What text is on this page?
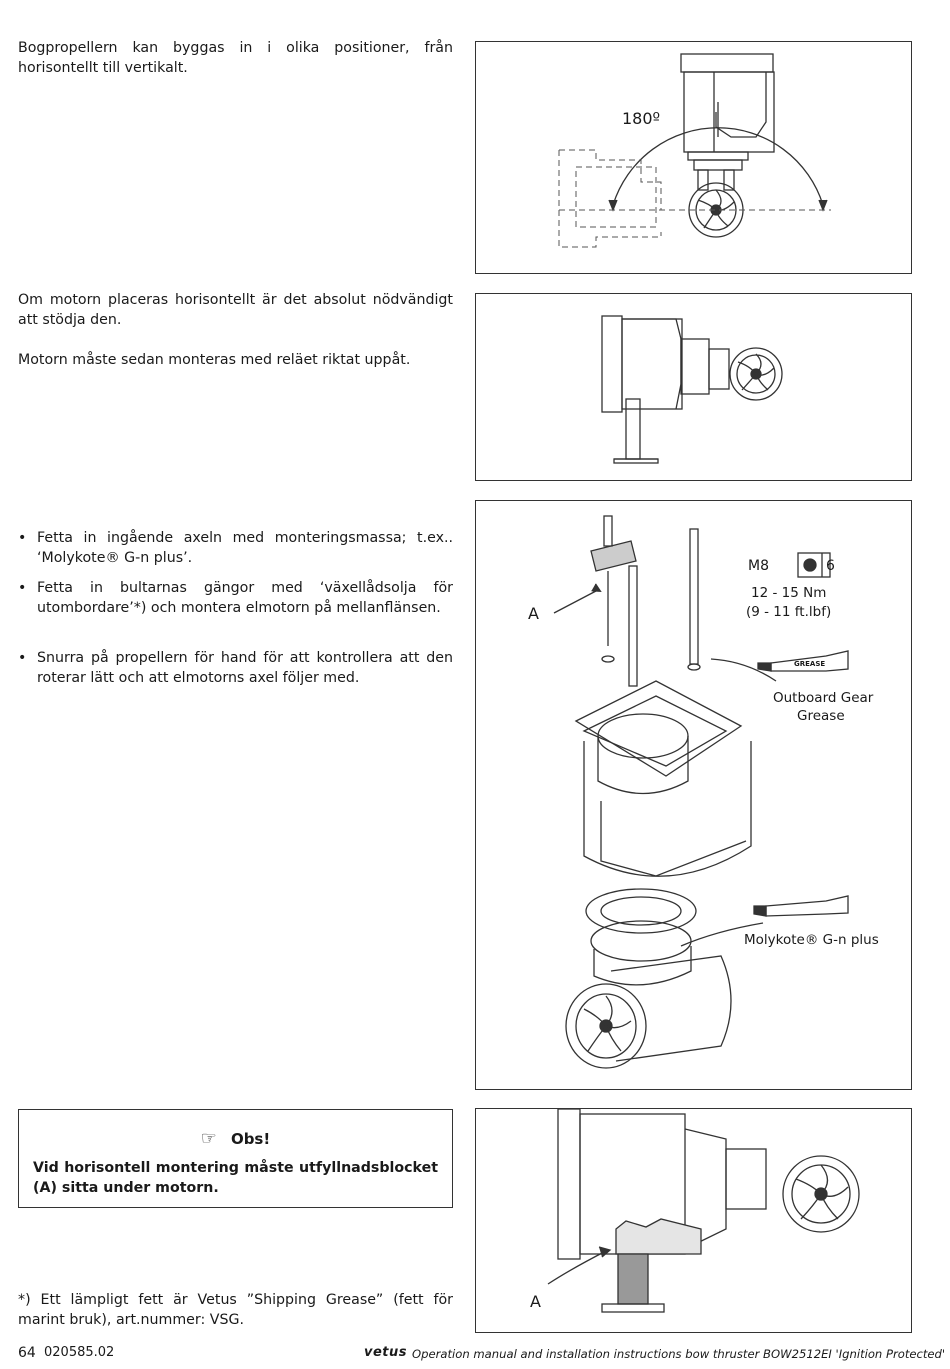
Bogpropellern kan byggas in i olika positioner, från horisontellt till vertikalt.
180º
Om motorn placeras horisontellt är det absolut nödvändigt att stödja den.
Motorn måste sedan monteras med reläet riktat uppåt.
• Fetta in ingående axeln med monteringsmassa; t.ex.. ‘Molykote® G-n plus’.
• Fetta in bultarnas gängor med ‘växellådsolja för utombordare’*) och montera elmotorn på mellanflänsen.
• Snurra på propellern för hand för att kontrollera att den roterar lätt och att elmotorns axel följer med.
A
M8	6
12 - 15 Nm
(9 - 11 ft.lbf)
GREASE
Outboard Gear
Grease
Molykote® G-n plus
☞ Obs!
Vid horisontell montering måste utfyllnadsblocket (A) sitta under motorn.
A
*) Ett lämpligt fett är Vetus ”Shipping Grease” (fett för marint bruk), art.nummer: VSG.
64 020585.02	vetus Operation manual and installation instructions bow thruster BOW2512EI 'Ignition Protected'
